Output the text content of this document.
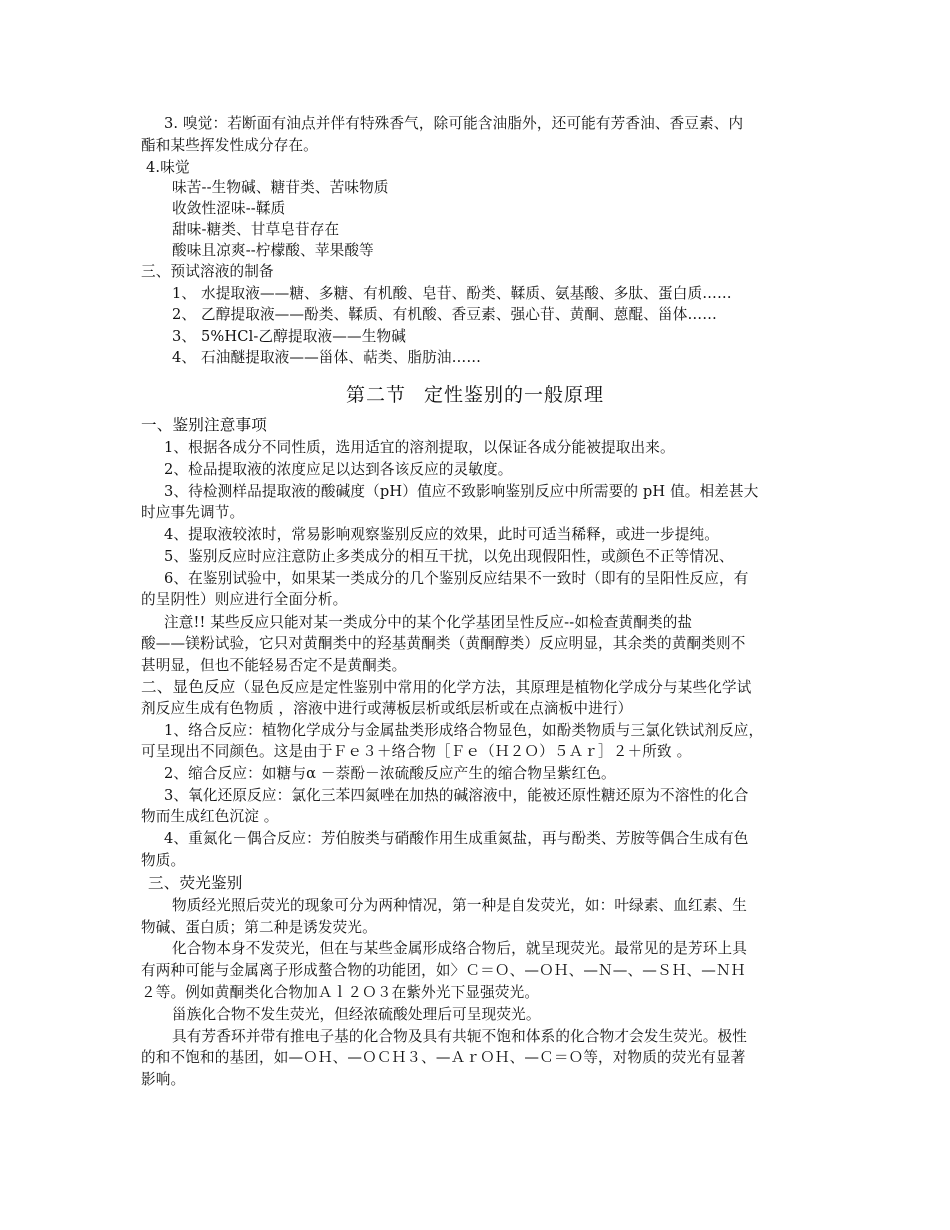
3. 嗅觉：若断面有油点并伴有特殊香气，除可能含油脂外，还可能有芳香油、香豆素、内
酯和某些挥发性成分存在。
4.味觉
味苦--生物碱、糖苷类、苦味物质
收敛性涩味--鞣质
甜味-糖类、甘草皂苷存在
酸味且凉爽--柠檬酸、苹果酸等
三、预试溶液的制备
1、 水提取液——糖、多糖、有机酸、皂苷、酚类、鞣质、氨基酸、多肽、蛋白质……
2、 乙醇提取液——酚类、鞣质、有机酸、香豆素、强心苷、黄酮、蒽醌、甾体……
3、 5%HCl-乙醇提取液——生物碱
4、 石油醚提取液——甾体、萜类、脂肪油……
第二节 定性鉴别的一般原理
一、鉴别注意事项
1、根据各成分不同性质，选用适宜的溶剂提取，以保证各成分能被提取出来。
2、检品提取液的浓度应足以达到各该反应的灵敏度。
3、待检测样品提取液的酸碱度（pH）值应不致影响鉴别反应中所需要的 pH 值。相差甚大
时应事先调节。
4、提取液较浓时，常易影响观察鉴别反应的效果，此时可适当稀释，或进一步提纯。
5、鉴别反应时应注意防止多类成分的相互干扰，以免出现假阳性，或颜色不正等情况、
6、在鉴别试验中，如果某一类成分的几个鉴别反应结果不一致时（即有的呈阳性反应，有
的呈阴性）则应进行全面分析。
注意!! 某些反应只能对某一类成分中的某个化学基团呈性反应--如检查黄酮类的盐
酸——镁粉试验，它只对黄酮类中的羟基黄酮类（黄酮醇类）反应明显，其余类的黄酮类则不
甚明显，但也不能轻易否定不是黄酮类。
二、显色反应（显色反应是定性鉴别中常用的化学方法，其原理是植物化学成分与某些化学试
剂反应生成有色物质 ，溶液中进行或薄板层析或纸层析或在点滴板中进行）
1、络合反应：植物化学成分与金属盐类形成络合物显色，如酚类物质与三氯化铁试剂反应，
可呈现出不同颜色。这是由于Ｆｅ３＋络合物［Ｆｅ（Ｈ２Ｏ）５Ａｒ］２＋所致 。
2、缩合反应：如糖与α －萘酚－浓硫酸反应产生的缩合物呈紫红色。
3、氧化还原反应：氯化三苯四氮唑在加热的碱溶液中，能被还原性糖还原为不溶性的化合
物而生成红色沉淀 。
4、重氮化－偶合反应：芳伯胺类与硝酸作用生成重氮盐，再与酚类、芳胺等偶合生成有色
物质。
三、荧光鉴别
物质经光照后荧光的现象可分为两种情况，第一种是自发荧光，如：叶绿素、血红素、生
物碱、蛋白质；第二种是诱发荧光。
化合物本身不发荧光，但在与某些金属形成络合物后，就呈现荧光。最常见的是芳环上具
有两种可能与金属离子形成螯合物的功能团，如〉Ｃ＝Ｏ、—ＯＨ、—Ｎ—、—ＳＨ、—ＮＨ
２等。例如黄酮类化合物加Ａｌ２Ｏ３在紫外光下显强荧光。
甾族化合物不发生荧光，但经浓硫酸处理后可呈现荧光。
具有芳香环并带有推电子基的化合物及具有共轭不饱和体系的化合物才会发生荧光。极性
的和不饱和的基团，如—ＯＨ、—ＯＣＨ３、—ＡｒＯＨ、—Ｃ＝Ｏ等，对物质的荧光有显著
影响。
